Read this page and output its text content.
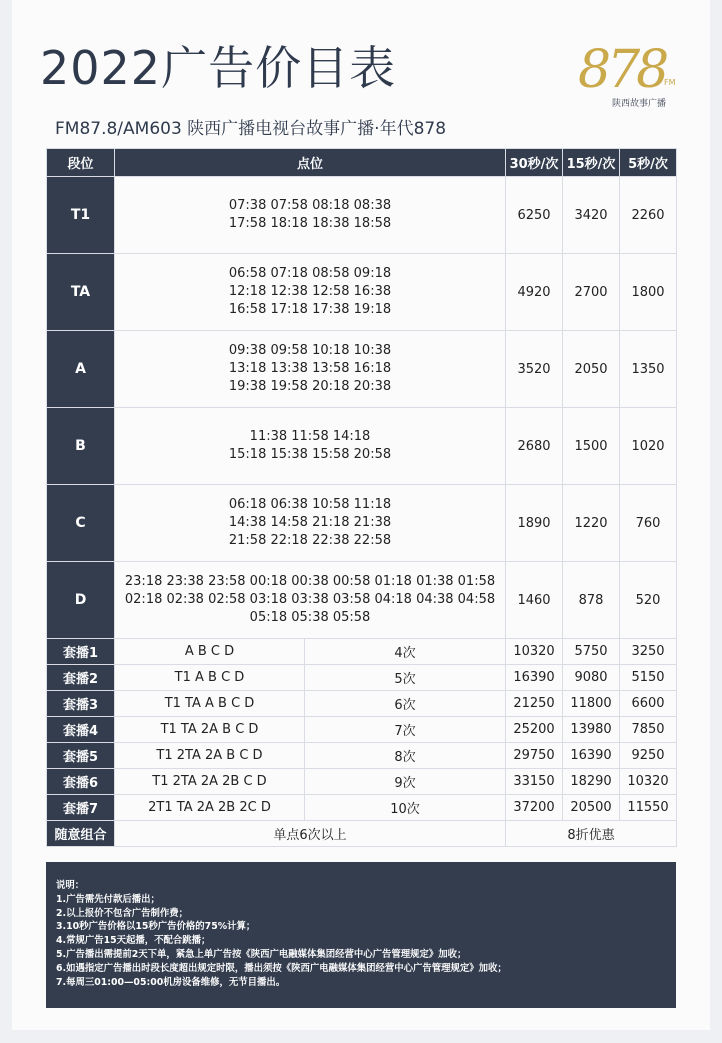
2022广告价目表	878
FM
陕西故事广播
FM87.8/AM603 陕西广播电视台故事广播·年代878
段位	点位		30秒/次	15秒/次	5秒/次
T1	07:38 07:58 08:18 08:38
17:58 18:18 18:38 18:58		6250	3420	2260
TA	06:58 07:18 08:58 09:18
12:18 12:38 12:58 16:38
16:58 17:18 17:38 19:18		4920	2700	1800
A	09:38 09:58 10:18 10:38
13:18 13:38 13:58 16:18
19:38 19:58 20:18 20:38		3520	2050	1350
B	11:38 11:58 14:18
15:18 15:38 15:58 20:58		2680	1500	1020
C	06:18 06:38 10:58 11:18
14:38 14:58 21:18 21:38
21:58 22:18 22:38 22:58		1890	1220	760
D	23:18 23:38 23:58 00:18 00:38 00:58 01:18 01:38 01:58
02:18 02:38 02:58 03:18 03:38 03:58 04:18 04:38 04:58
05:18 05:38 05:58		1460	878	520
套播1	A B C D	4次	10320	5750	3250
套播2	T1 A B C D	5次	16390	9080	5150
套播3	T1 TA A B C D	6次	21250	11800	6600
套播4	T1 TA 2A B C D	7次	25200	13980	7850
套播5	T1 2TA 2A B C D	8次	29750	16390	9250
套播6	T1 2TA 2A 2B C D	9次	33150	18290	10320
套播7	2T1 TA 2A 2B 2C D	10次	37200	20500	11550
随意组合	单点6次以上		8折优惠		
说明：
1.广告需先付款后播出；
2.以上报价不包含广告制作费；
3.10秒广告价格以15秒广告价格的75%计算；
4.常规广告15天起播，不配合跳播；
5.广告播出需提前2天下单，紧急上单广告按《陕西广电融媒体集团经营中心广告管理规定》加收；
6.如遇指定广告播出时段长度超出规定时限，播出须按《陕西广电融媒体集团经营中心广告管理规定》加收；
7.每周三01:00—05:00机房设备维修，无节目播出。
